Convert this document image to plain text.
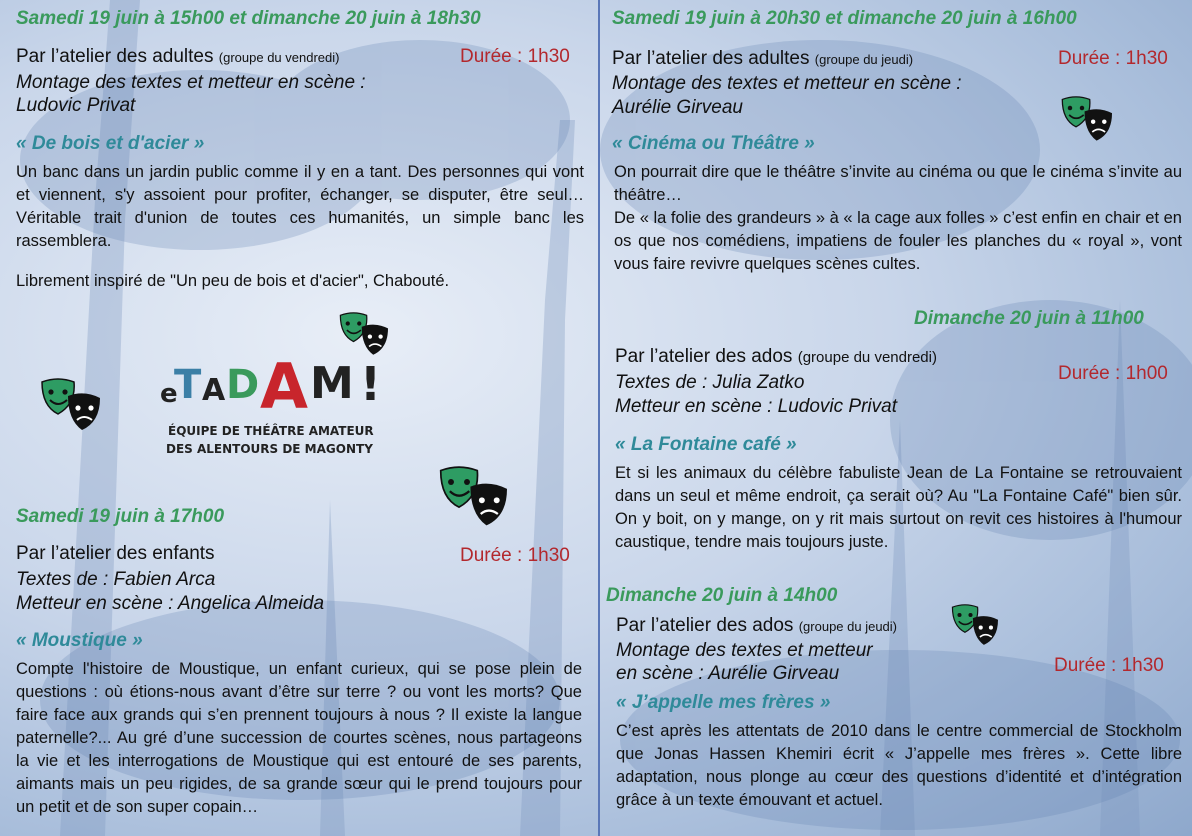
Samedi 19 juin à 15h00 et dimanche 20 juin à 18h30
Par l’atelier des adultes (groupe du vendredi)	Durée : 1h30
Montage des textes et metteur en scène :
Ludovic Privat
« De bois et d'acier »
Un banc dans un jardin public comme il y en a tant. Des personnes qui vont et viennent, s'y assoient pour profiter, échanger, se disputer, être seul… Véritable trait d'union de toutes ces humanités, un simple banc les rassemblera.
Librement inspiré de "Un peu de bois et d'acier", Chabouté.
Samedi 19 juin à 17h00
Par l’atelier des enfants	Durée : 1h30
Textes de : Fabien Arca
Metteur en scène : Angelica Almeida
« Moustique »
Compte l'histoire de Moustique, un enfant curieux, qui se pose plein de questions : où étions-nous avant d’être sur terre ? ou vont les morts? Que faire face aux grands qui s’en prennent toujours à nous ? Il existe la langue paternelle?... Au gré d’une succession de courtes scènes, nous partageons la vie et les interrogations de Moustique qui est entouré de ses parents, aimants mais un peu rigides, de sa grande sœur qui le prend toujours pour un petit et de son super copain…
e
T A D A M !
ÉQUIPE DE THÉÂTRE AMATEUR
DES ALENTOURS DE MAGONTY
Samedi 19 juin à 20h30 et dimanche 20 juin à 16h00
Par l’atelier des adultes (groupe du jeudi)	Durée : 1h30
Montage des textes et metteur en scène :
Aurélie Girveau
« Cinéma ou Théâtre »
On pourrait dire que le théâtre s’invite au cinéma ou que le cinéma s’invite au théâtre…
De « la folie des grandeurs » à « la cage aux folles » c’est enfin en chair et en os que nos comédiens, impatiens de fouler les planches du « royal », vont vous faire revivre quelques scènes cultes.
Dimanche 20 juin à 11h00
Par l’atelier des ados (groupe du vendredi)
Durée : 1h00
Textes de : Julia Zatko
Metteur en scène : Ludovic Privat
« La Fontaine café »
Et si les animaux du célèbre fabuliste Jean de La Fontaine se retrouvaient dans un seul et même endroit, ça serait où? Au "La Fontaine Café" bien sûr. On y boit, on y mange, on y rit mais surtout on revit ces histoires à l'humour caustique, tendre mais toujours juste.
Dimanche 20 juin à 14h00
Par l’atelier des ados (groupe du jeudi)
Durée : 1h30
Montage des textes et metteur
en scène : Aurélie Girveau
« J’appelle mes frères »
C’est après les attentats de 2010 dans le centre commercial de Stockholm que Jonas Hassen Khemiri écrit « J’appelle mes frères ». Cette libre adaptation, nous plonge au cœur des questions d’identité et d’intégration grâce à un texte émouvant et actuel.
